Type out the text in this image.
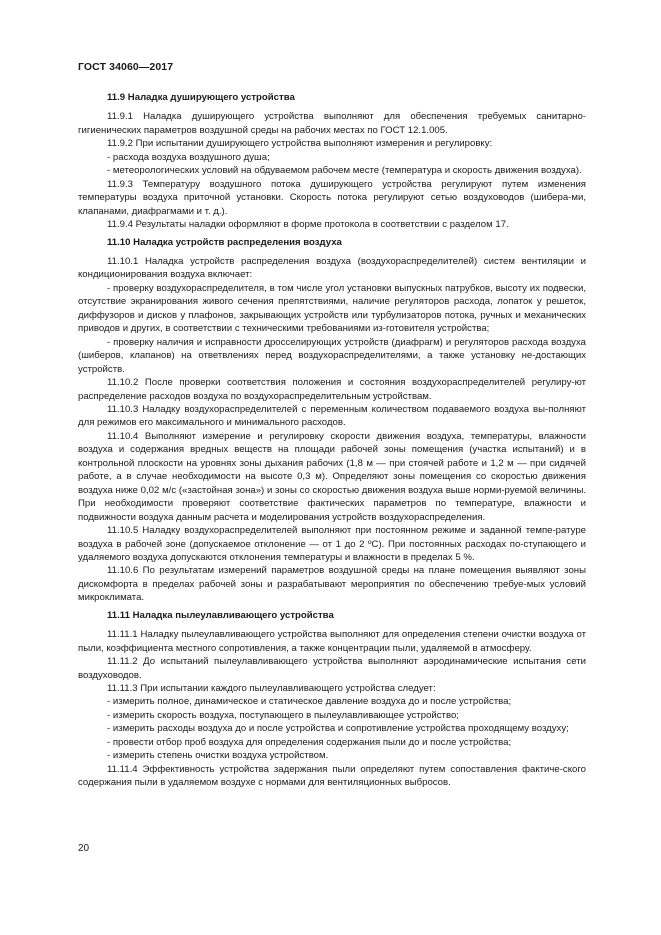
ГОСТ 34060—2017

11.9 Наладка душирующего устройства

11.9.1 Наладка душирующего устройства выполняют для обеспечения требуемых санитарно-гигиенических параметров воздушной среды на рабочих местах по ГОСТ 12.1.005.

11.9.2 При испытании душирующего устройства выполняют измерения и регулировку:

- расхода воздуха воздушного душа;

- метеорологических условий на обдуваемом рабочем месте (температура и скорость движения воздуха).

11.9.3 Температуру воздушного потока душирующего устройства регулируют путем изменения температуры воздуха приточной установки. Скорость потока регулируют сетью воздуховодов (шибера-ми, клапанами, диафрагмами и т. д.).

11.9.4 Результаты наладки оформляют в форме протокола в соответствии с разделом 17.

11.10 Наладка устройств распределения воздуха

11.10.1 Наладка устройств распределения воздуха (воздухораспределителей) систем вентиляции и кондиционирования воздуха включает:

- проверку воздухораспределителя, в том числе угол установки выпускных патрубков, высоту их подвески, отсутствие экранирования живого сечения препятствиями, наличие регуляторов расхода, лопаток у решеток, диффузоров и дисков у плафонов, закрывающих устройств или турбулизаторов потока, ручных и механических приводов и других, в соответствии с техническими требованиями из-готовителя устройства;

- проверку наличия и исправности дросселирующих устройств (диафрагм) и регуляторов расхода воздуха (шиберов, клапанов) на ответвлениях перед воздухораспределителями, а также установку не-достающих устройств.

11.10.2 После проверки соответствия положения и состояния воздухораспределителей регулиру-ют распределение расходов воздуха по воздухораспределительным устройствам.

11.10.3 Наладку воздухораспределителей с переменным количеством подаваемого воздуха вы-полняют для режимов его максимального и минимального расходов.

11.10.4 Выполняют измерение и регулировку скорости движения воздуха, температуры, влажности воздуха и содержания вредных веществ на площади рабочей зоны помещения (участка испытаний) и в контрольной плоскости на уровнях зоны дыхания рабочих (1,8 м — при стоячей работе и 1,2 м — при сидячей работе, а в случае необходимости на высоте 0,3 м). Определяют зоны помещения со скоростью движения воздуха ниже 0,02 м/с («застойная зона») и зоны со скоростью движения воздуха выше норми-руемой величины. При необходимости проверяют соответствие фактических параметров по температуре, влажности и подвижности воздуха данным расчета и моделирования устройств воздухораспределения.

11.10.5 Наладку воздухораспределителей выполняют при постоянном режиме и заданной темпе-ратуре воздуха в рабочей зоне (допускаемое отклонение — от 1 до 2 ºС). При постоянных расходах по-ступающего и удаляемого воздуха допускаются отклонения температуры и влажности в пределах 5 %.

11.10.6 По результатам измерений параметров воздушной среды на плане помещения выявляют зоны дискомфорта в пределах рабочей зоны и разрабатывают мероприятия по обеспечению требуе-мых условий микроклимата.

11.11 Наладка пылеулавливающего устройства

11.11.1 Наладку пылеулавливающего устройства выполняют для определения степени очистки воздуха от пыли, коэффициента местного сопротивления, а также концентрации пыли, удаляемой в атмосферу.

11.11.2 До испытаний пылеулавливающего устройства выполняют аэродинамические испытания сети воздуховодов.

11.11.3 При испытании каждого пылеулавливающего устройства следует:

- измерить полное, динамическое и статическое давление воздуха до и после устройства;

- измерить скорость воздуха, поступающего в пылеулавливающее устройство;

- измерить расходы воздуха до и после устройства и сопротивление устройства проходящему воздуху;

- провести отбор проб воздуха для определения содержания пыли до и после устройства;

- измерить степень очистки воздуха устройством.

11.11.4 Эффективность устройства задержания пыли определяют путем сопоставления фактиче-ского содержания пыли в удаляемом воздухе с нормами для вентиляционных выбросов.

20
